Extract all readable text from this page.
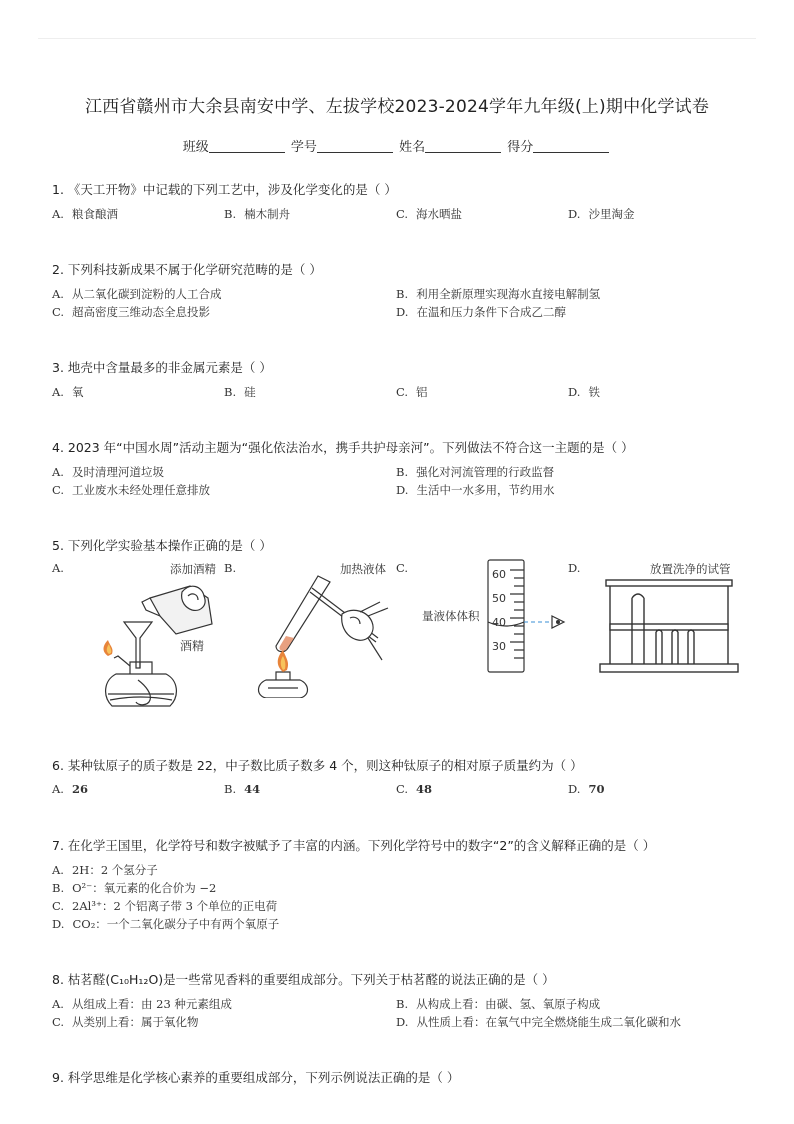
江西省赣州市大余县南安中学、左拔学校2023-2024学年九年级(上)期中化学试卷
班级	学号	姓名	得分
1. 《天工开物》中记载的下列工艺中，涉及化学变化的是（ ）
A. 粮食酿酒	B. 楠木制舟	C. 海水晒盐	D. 沙里淘金
2. 下列科技新成果不属于化学研究范畴的是（ ）
A. 从二氧化碳到淀粉的人工合成	B. 利用全新原理实现海水直接电解制氢
C. 超高密度三维动态全息投影	D. 在温和压力条件下合成乙二醇
3. 地壳中含量最多的非金属元素是（ ）
A. 氧	B. 硅	C. 铝	D. 铁
4. 2023 年“中国水周”活动主题为“强化依法治水，携手共护母亲河”。下列做法不符合这一主题的是（ ）
A. 及时清理河道垃圾	B. 强化对河流管理的行政监督
C. 工业废水未经处理任意排放	D. 生活中一水多用，节约用水
5. 下列化学实验基本操作正确的是（ ）
A.	添加酒精
酒精
B.	加热液体 C.
量液体体积
60
50
40
30
D.	放置洗净的试管
6. 某种钛原子的质子数是 22，中子数比质子数多 4 个，则这种钛原子的相对原子质量约为（ ）
A. 26	B. 44	C. 48	D. 70
7. 在化学王国里，化学符号和数字被赋予了丰富的内涵。下列化学符号中的数字“2”的含义解释正确的是（ ）
A. 2H：2 个氢分子
B. O²⁻：氧元素的化合价为 −2
C. 2Al³⁺：2 个铝离子带 3 个单位的正电荷
D. CO₂：一个二氧化碳分子中有两个氧原子
8. 枯茗醛(C₁₀H₁₂O)是一些常见香料的重要组成部分。下列关于枯茗醛的说法正确的是（ ）
A. 从组成上看：由 23 种元素组成	B. 从构成上看：由碳、氢、氧原子构成
C. 从类别上看：属于氧化物	D. 从性质上看：在氧气中完全燃烧能生成二氧化碳和水
9. 科学思维是化学核心素养的重要组成部分，下列示例说法正确的是（ ）
